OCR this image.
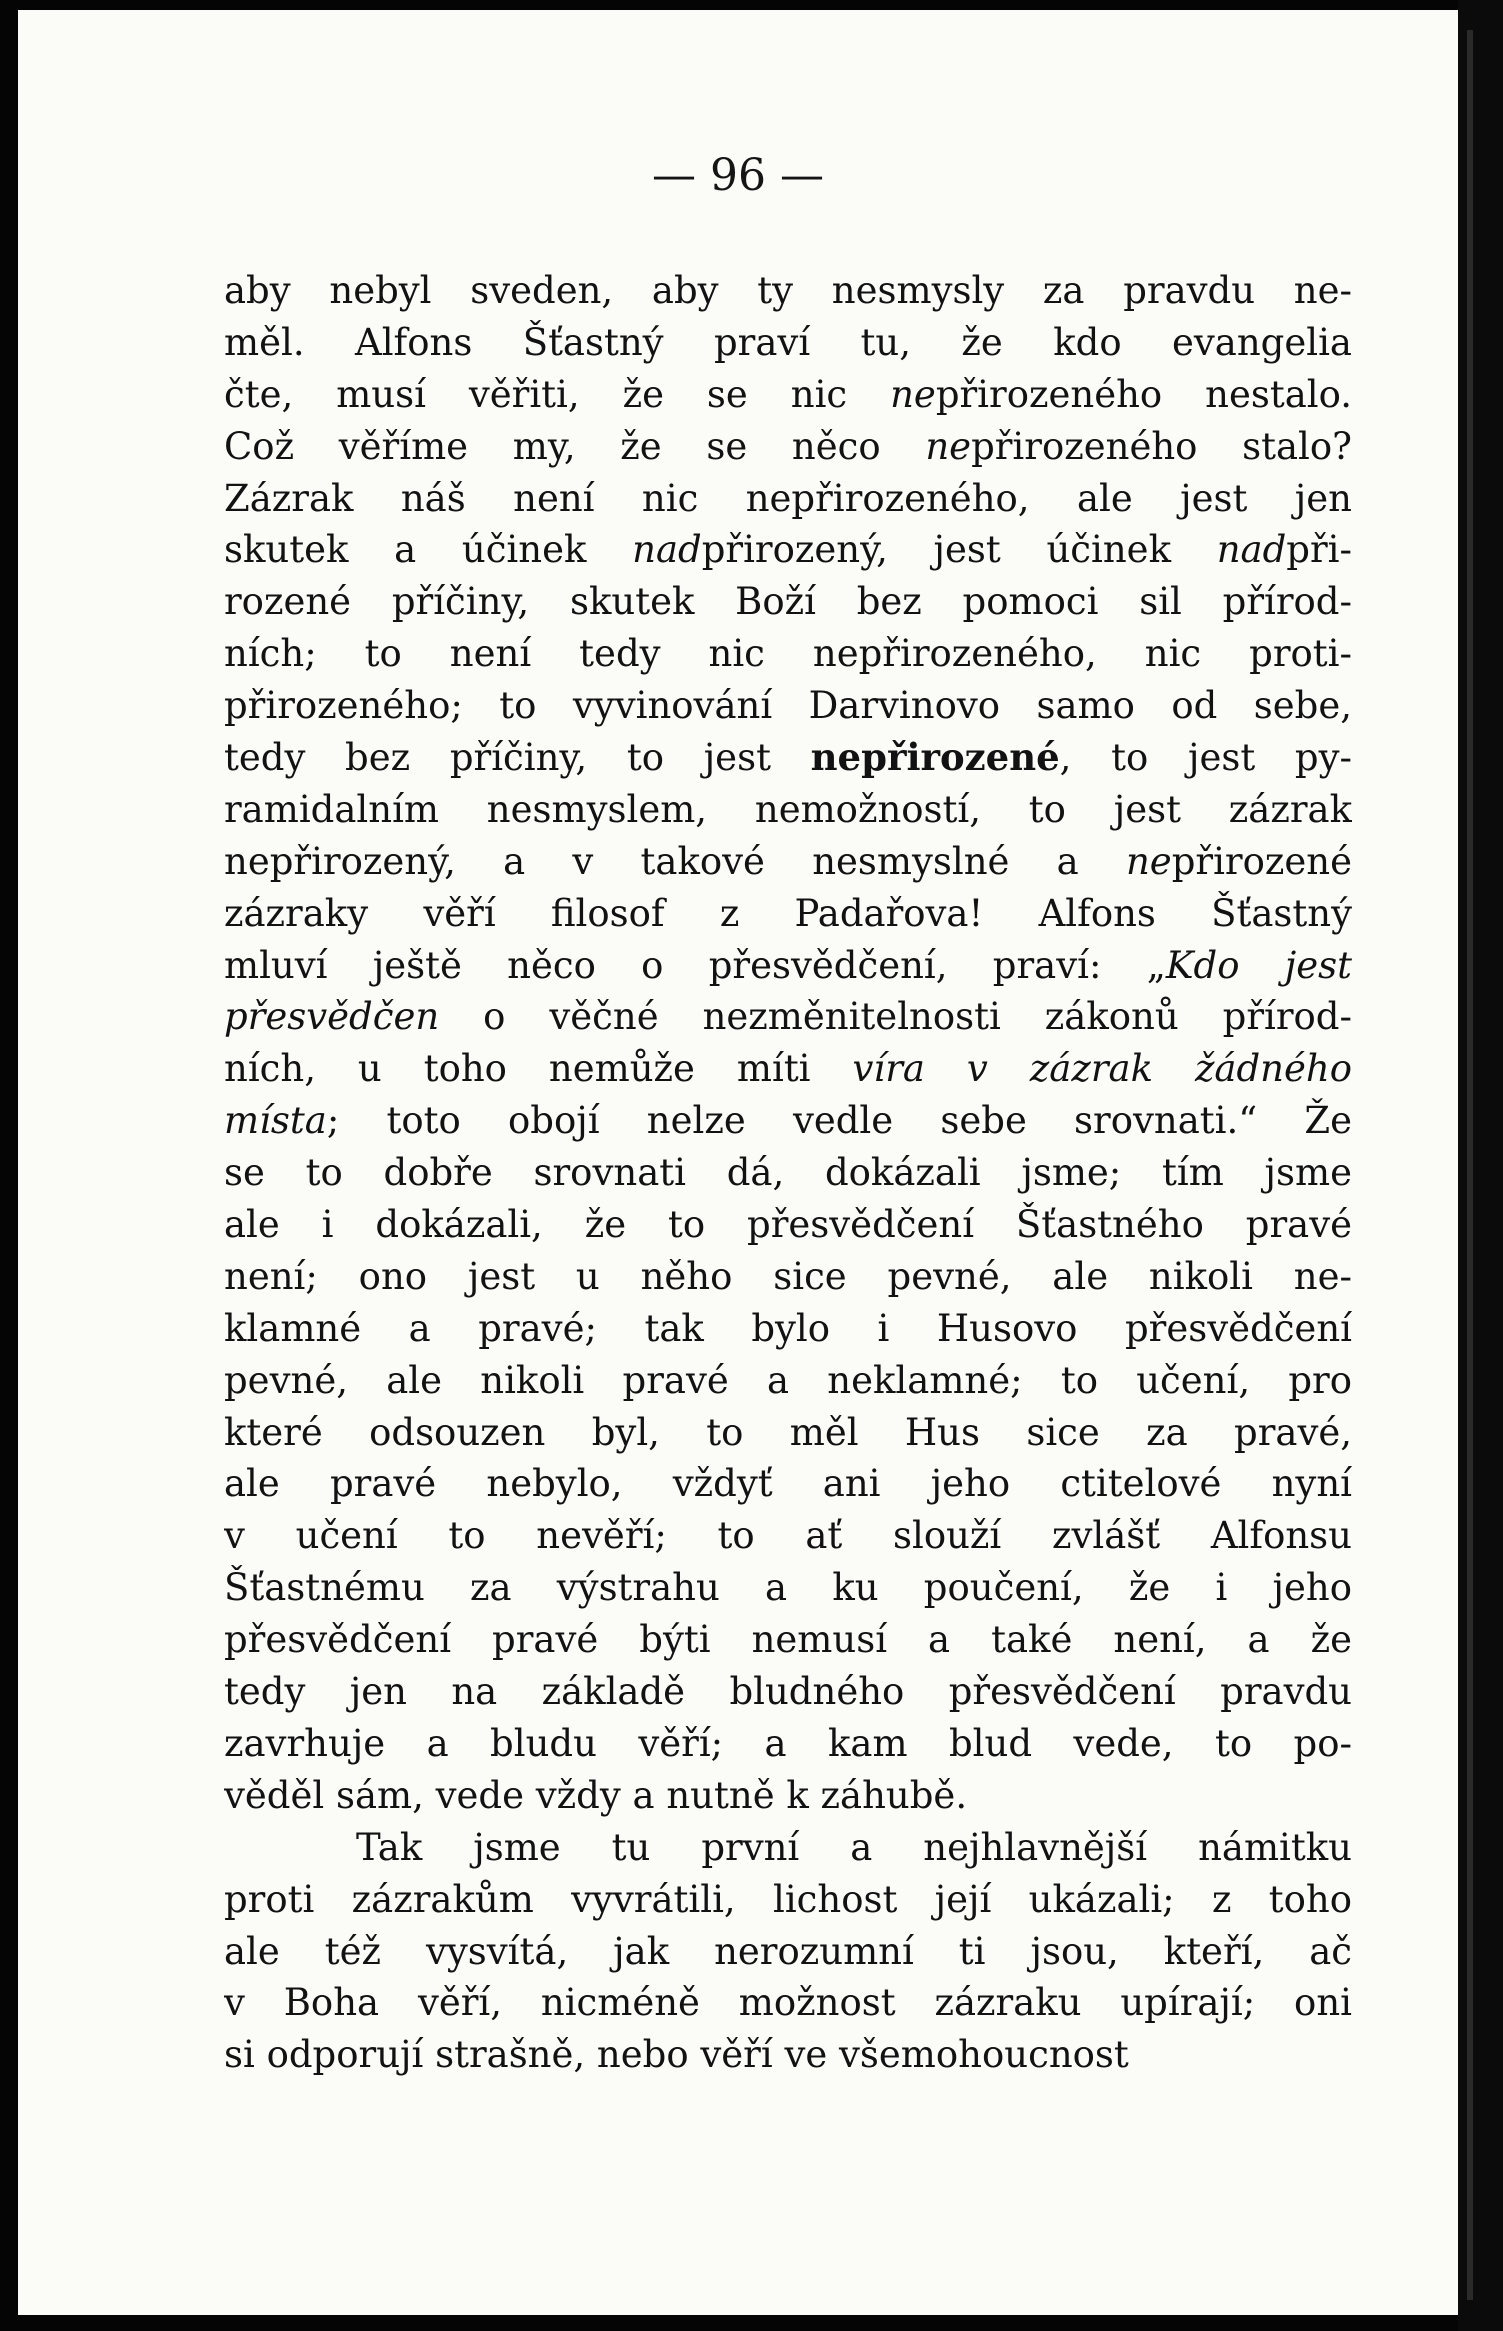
— 96 —
aby nebyl sveden, aby ty nesmysly za pravdu ne-
měl. Alfons Šťastný praví tu, že kdo evangelia
čte, musí věřiti, že se nic nepřirozeného nestalo.
Což věříme my, že se něco nepřirozeného stalo?
Zázrak náš není nic nepřirozeného, ale jest jen
skutek a účinek nadpřirozený, jest účinek nadpři-
rozené příčiny, skutek Boží bez pomoci sil přírod-
ních; to není tedy nic nepřirozeného, nic proti-
přirozeného; to vyvinování Darvinovo samo od sebe,
tedy bez příčiny, to jest nepřirozené, to jest py-
ramidalním nesmyslem, nemožností, to jest zázrak
nepřirozený, a v takové nesmyslné a nepřirozené
zázraky věří filosof z Padařova! Alfons Šťastný
mluví ještě něco o přesvědčení, praví: „Kdo jest
přesvědčen o věčné nezměnitelnosti zákonů přírod-
ních, u toho nemůže míti víra v zázrak žádného
místa; toto obojí nelze vedle sebe srovnati.“ Že
se to dobře srovnati dá, dokázali jsme; tím jsme
ale i dokázali, že to přesvědčení Šťastného pravé
není; ono jest u něho sice pevné, ale nikoli ne-
klamné a pravé; tak bylo i Husovo přesvědčení
pevné, ale nikoli pravé a neklamné; to učení, pro
které odsouzen byl, to měl Hus sice za pravé,
ale pravé nebylo, vždyť ani jeho ctitelové nyní
v učení to nevěří; to ať slouží zvlášť Alfonsu
Šťastnému za výstrahu a ku poučení, že i jeho
přesvědčení pravé býti nemusí a také není, a že
tedy jen na základě bludného přesvědčení pravdu
zavrhuje a bludu věří; a kam blud vede, to po-
věděl sám, vede vždy a nutně k záhubě.
Tak jsme tu první a nejhlavnější námitku
proti zázrakům vyvrátili, lichost její ukázali; z toho
ale též vysvítá, jak nerozumní ti jsou, kteří, ač
v Boha věří, nicméně možnost zázraku upírají; oni
si odporují strašně, nebo věří ve všemohoucnost
